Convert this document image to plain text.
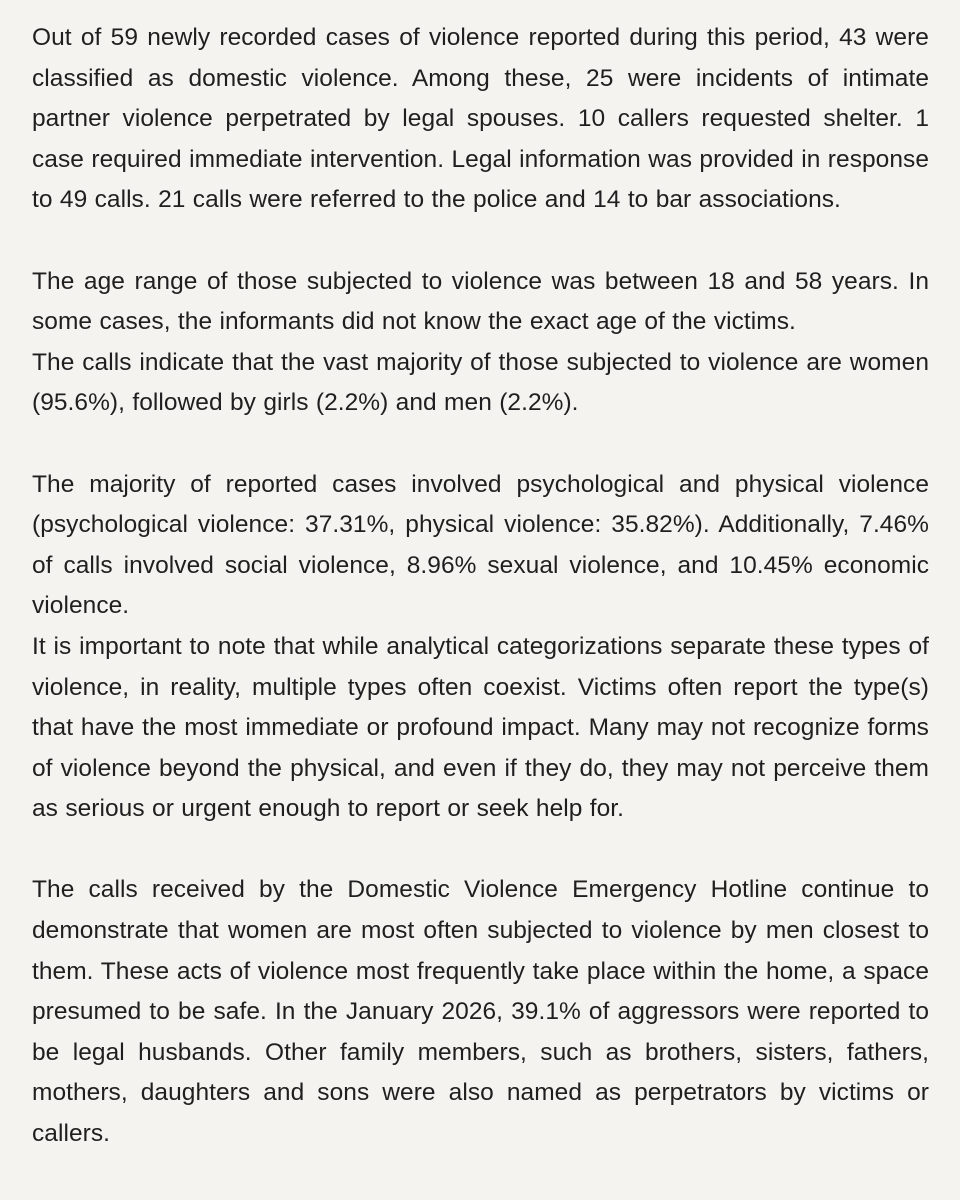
Out of 59 newly recorded cases of violence reported during this period, 43 were classified as domestic violence. Among these, 25 were incidents of intimate partner violence perpetrated by legal spouses. 10 callers requested shelter. 1 case required immediate intervention. Legal information was provided in response to 49 calls. 21 calls were referred to the police and 14 to bar associations.

The age range of those subjected to violence was between 18 and 58 years. In some cases, the informants did not know the exact age of the victims.

The calls indicate that the vast majority of those subjected to violence are women (95.6%), followed by girls (2.2%) and men (2.2%).

The majority of reported cases involved psychological and physical violence (psychological violence: 37.31%, physical violence: 35.82%). Additionally, 7.46% of calls involved social violence, 8.96% sexual violence, and 10.45% economic violence.

It is important to note that while analytical categorizations separate these types of violence, in reality, multiple types often coexist. Victims often report the type(s) that have the most immediate or profound impact. Many may not recognize forms of violence beyond the physical, and even if they do, they may not perceive them as serious or urgent enough to report or seek help for.

The calls received by the Domestic Violence Emergency Hotline continue to demonstrate that women are most often subjected to violence by men closest to them. These acts of violence most frequently take place within the home, a space presumed to be safe. In the January 2026, 39.1% of aggressors were reported to be legal husbands. Other family members, such as brothers, sisters, fathers, mothers, daughters and sons were also named as perpetrators by victims or callers.
